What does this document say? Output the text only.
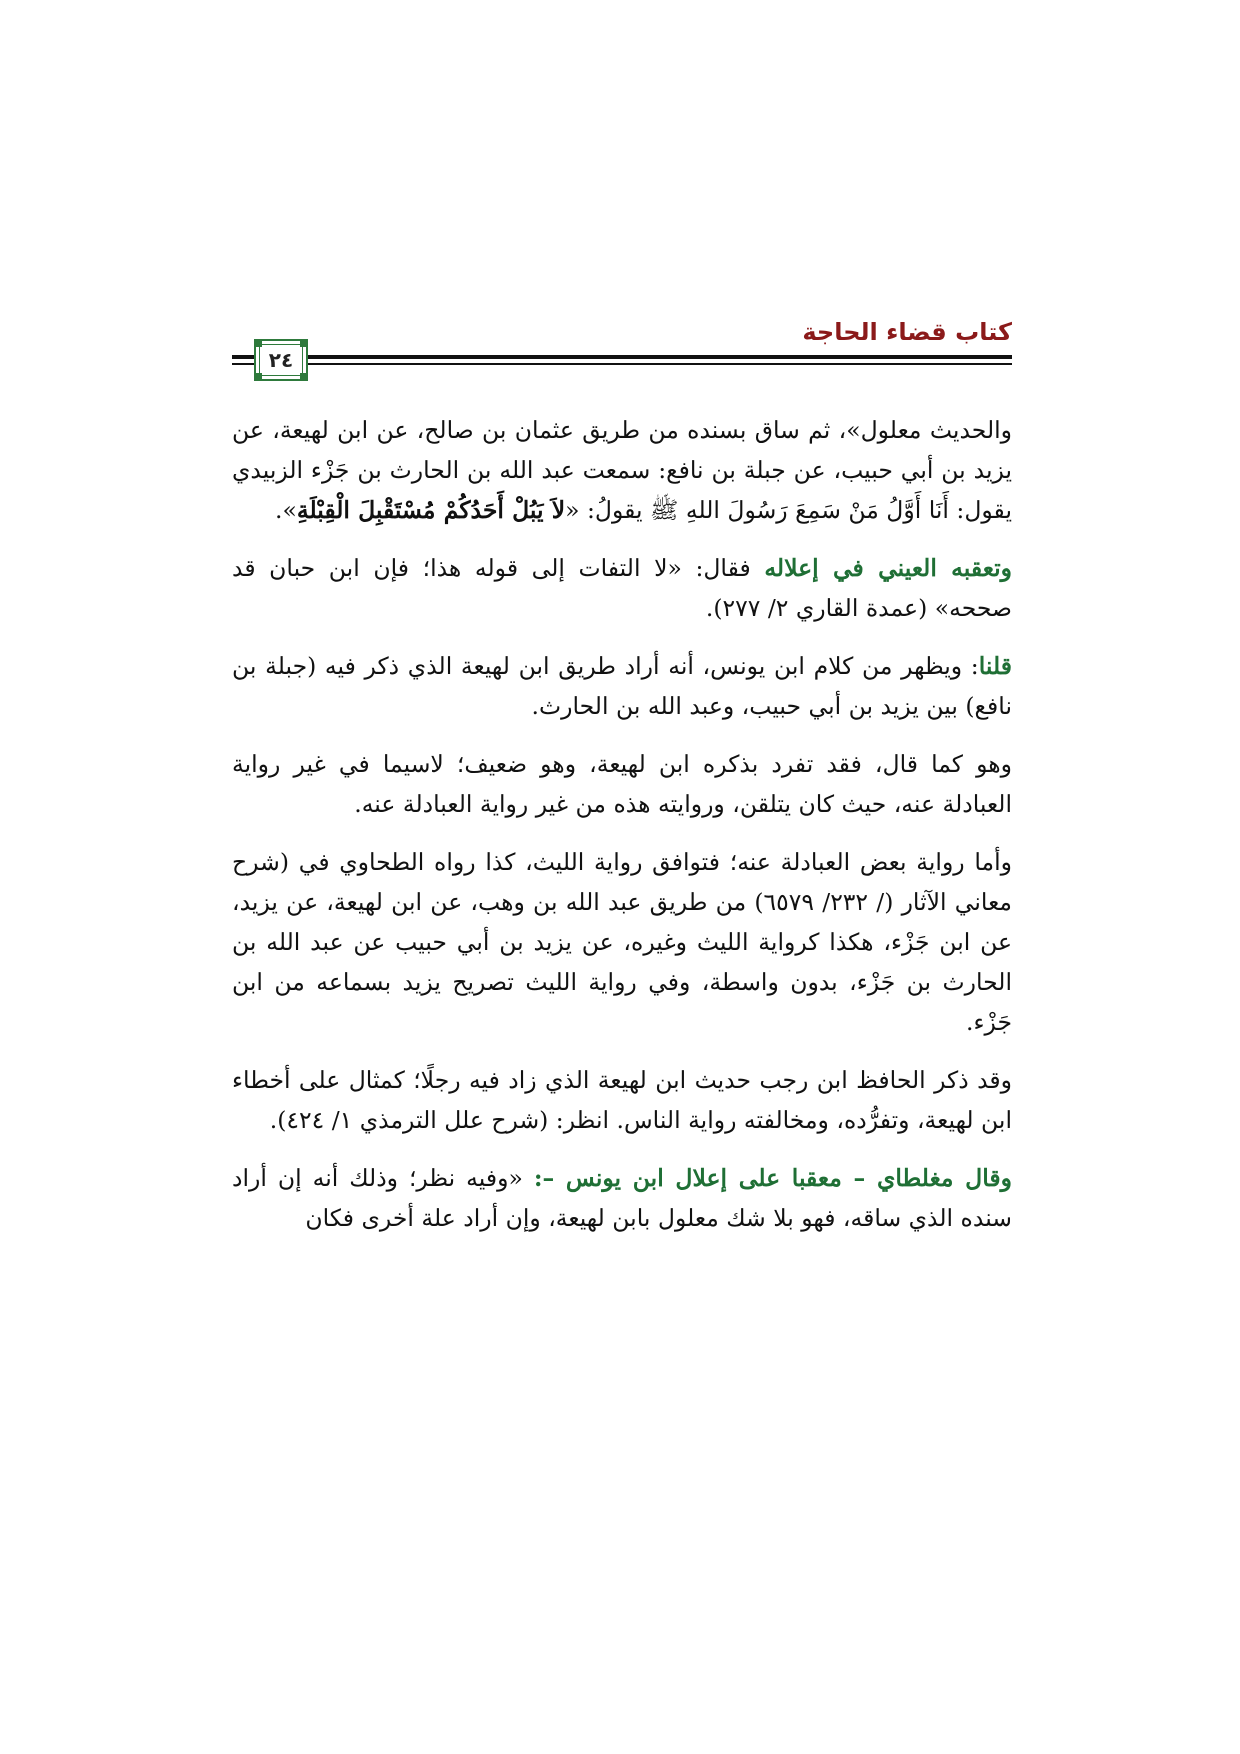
كتاب قضاء الحاجة
٢٤

والحديث معلول»، ثم ساق بسنده من طريق عثمان بن صالح، عن ابن لهيعة، عن يزيد بن أبي حبيب، عن جبلة بن نافع: سمعت عبد الله بن الحارث بن جَزْء الزبيدي يقول: أَنَا أَوَّلُ مَنْ سَمِعَ رَسُولَ اللهِ ﷺ يقولُ: «لاَ يَبُلْ أَحَدُكُمْ مُسْتَقْبِلَ الْقِبْلَةِ».

وتعقبه العيني في إعلاله فقال: «لا التفات إلى قوله هذا؛ فإن ابن حبان قد صححه» (عمدة القاري ٢/ ٢٧٧).

قلنا: ويظهر من كلام ابن يونس، أنه أراد طريق ابن لهيعة الذي ذكر فيه (جبلة بن نافع) بين يزيد بن أبي حبيب، وعبد الله بن الحارث.

وهو كما قال، فقد تفرد بذكره ابن لهيعة، وهو ضعيف؛ لاسيما في غير رواية العبادلة عنه، حيث كان يتلقن، وروايته هذه من غير رواية العبادلة عنه.

وأما رواية بعض العبادلة عنه؛ فتوافق رواية الليث، كذا رواه الطحاوي في (شرح معاني الآثار (/ ٢٣٢/ ٦٥٧٩) من طريق عبد الله بن وهب، عن ابن لهيعة، عن يزيد، عن ابن جَزْء، هكذا كرواية الليث وغيره، عن يزيد بن أبي حبيب عن عبد الله بن الحارث بن جَزْء، بدون واسطة، وفي رواية الليث تصريح يزيد بسماعه من ابن جَزْء.

وقد ذكر الحافظ ابن رجب حديث ابن لهيعة الذي زاد فيه رجلًا؛ كمثال على أخطاء ابن لهيعة، وتفرُّده، ومخالفته رواية الناس. انظر: (شرح علل الترمذي ١/ ٤٢٤).

وقال مغلطاي – معقبا على إعلال ابن يونس –: «وفيه نظر؛ وذلك أنه إن أراد سنده الذي ساقه، فهو بلا شك معلول بابن لهيعة، وإن أراد علة أخرى فكان
